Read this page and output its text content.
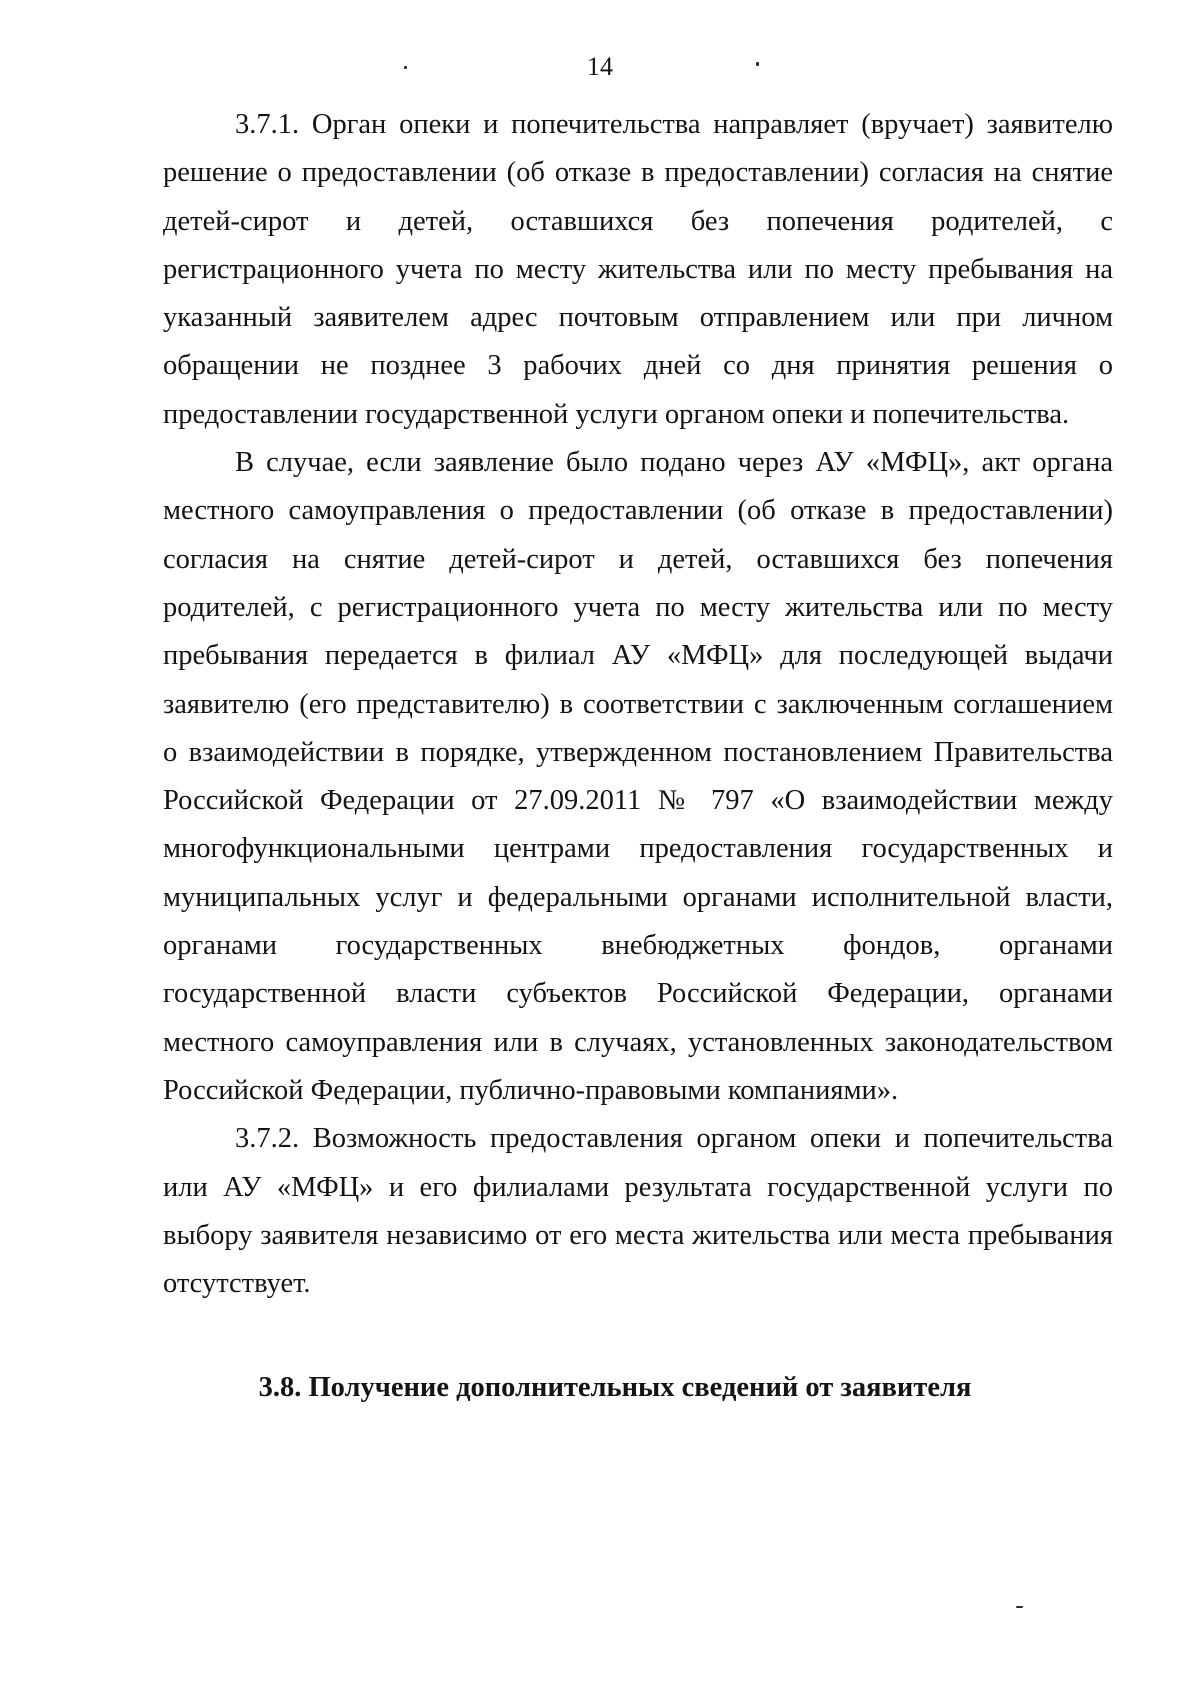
14

3.7.1. Орган опеки и попечительства направляет (вручает) заявителю решение о предоставлении (об отказе в предоставлении) согласия на снятие детей-сирот и детей, оставшихся без попечения родителей, с регистрационного учета по месту жительства или по месту пребывания на указанный заявителем адрес почтовым отправлением или при личном обращении не позднее 3 рабочих дней со дня принятия решения о предоставлении государственной услуги органом опеки и попечительства.

В случае, если заявление было подано через АУ «МФЦ», акт органа местного самоуправления о предоставлении (об отказе в предоставлении) согласия на снятие детей-сирот и детей, оставшихся без попечения родителей, с регистрационного учета по месту жительства или по месту пребывания передается в филиал АУ «МФЦ» для последующей выдачи заявителю (его представителю) в соответствии с заключенным соглашением о взаимодействии в порядке, утвержденном постановлением Правительства Российской Федерации от 27.09.2011 № 797 «О взаимодействии между многофункциональными центрами предоставления государственных и муниципальных услуг и федеральными органами исполнительной власти, органами государственных внебюджетных фондов, органами государственной власти субъектов Российской Федерации, органами местного самоуправления или в случаях, установленных законодательством Российской Федерации, публично-правовыми компаниями».

3.7.2. Возможность предоставления органом опеки и попечительства или АУ «МФЦ» и его филиалами результата государственной услуги по выбору заявителя независимо от его места жительства или места пребывания отсутствует.

3.8. Получение дополнительных сведений от заявителя
